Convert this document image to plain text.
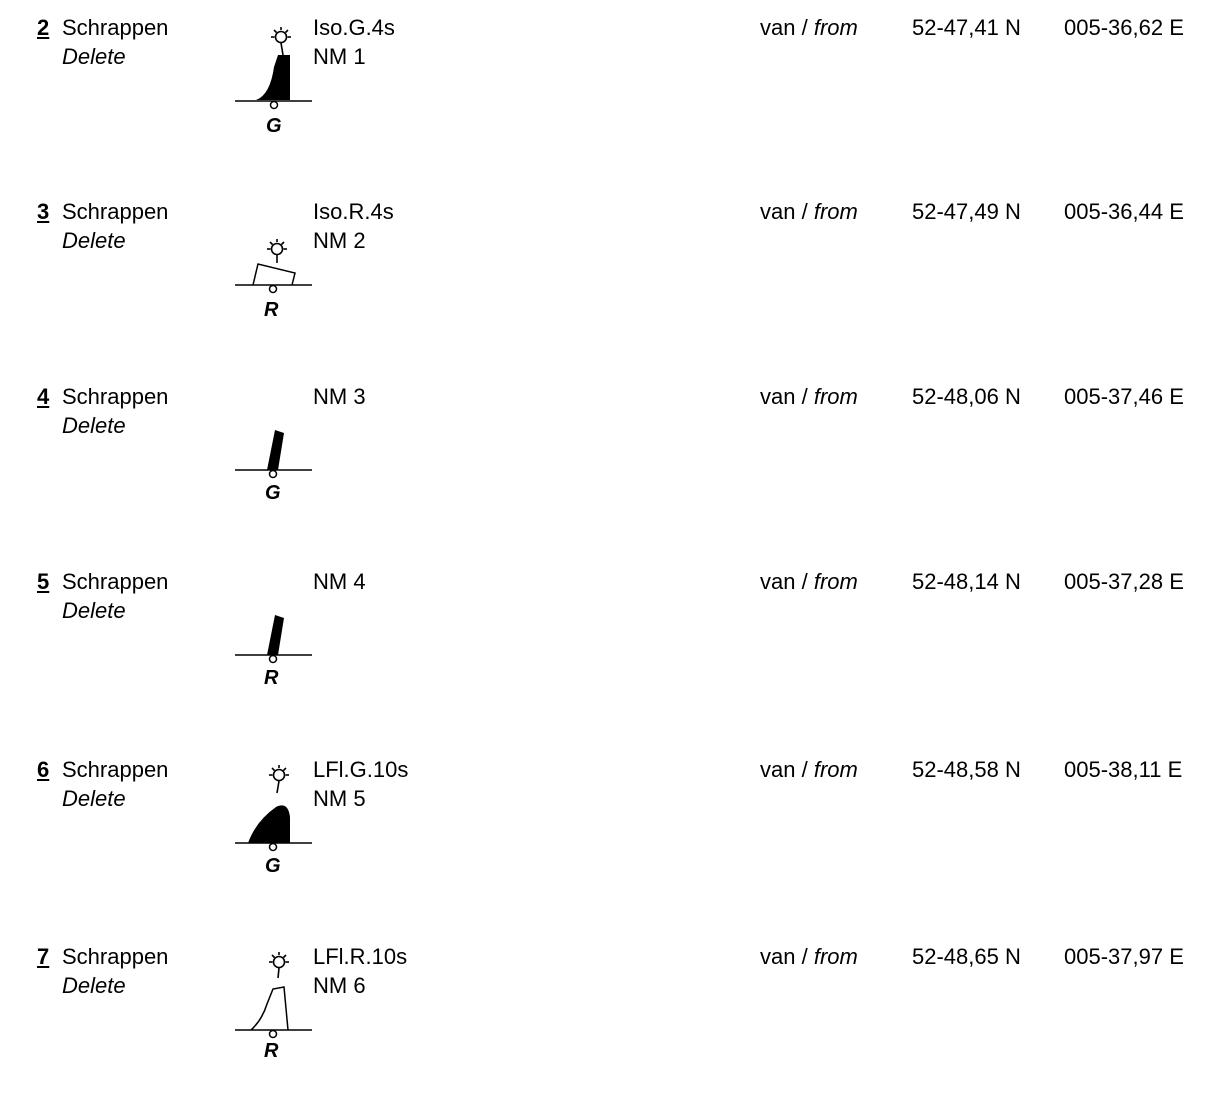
2 Schrappen
Delete
G
Iso.G.4s
NM 1
van / from 52-47,41 N 005-36,62 E
3 Schrappen
Delete
R
Iso.R.4s
NM 2
van / from 52-47,49 N 005-36,44 E
4 Schrappen
Delete
G
NM 3	van / from 52-48,06 N 005-37,46 E
5 Schrappen
Delete
R
NM 4	van / from 52-48,14 N 005-37,28 E
6 Schrappen
Delete
G
LFl.G.10s
NM 5
van / from 52-48,58 N 005-38,11 E
7 Schrappen
Delete
R
LFl.R.10s
NM 6
van / from 52-48,65 N 005-37,97 E
